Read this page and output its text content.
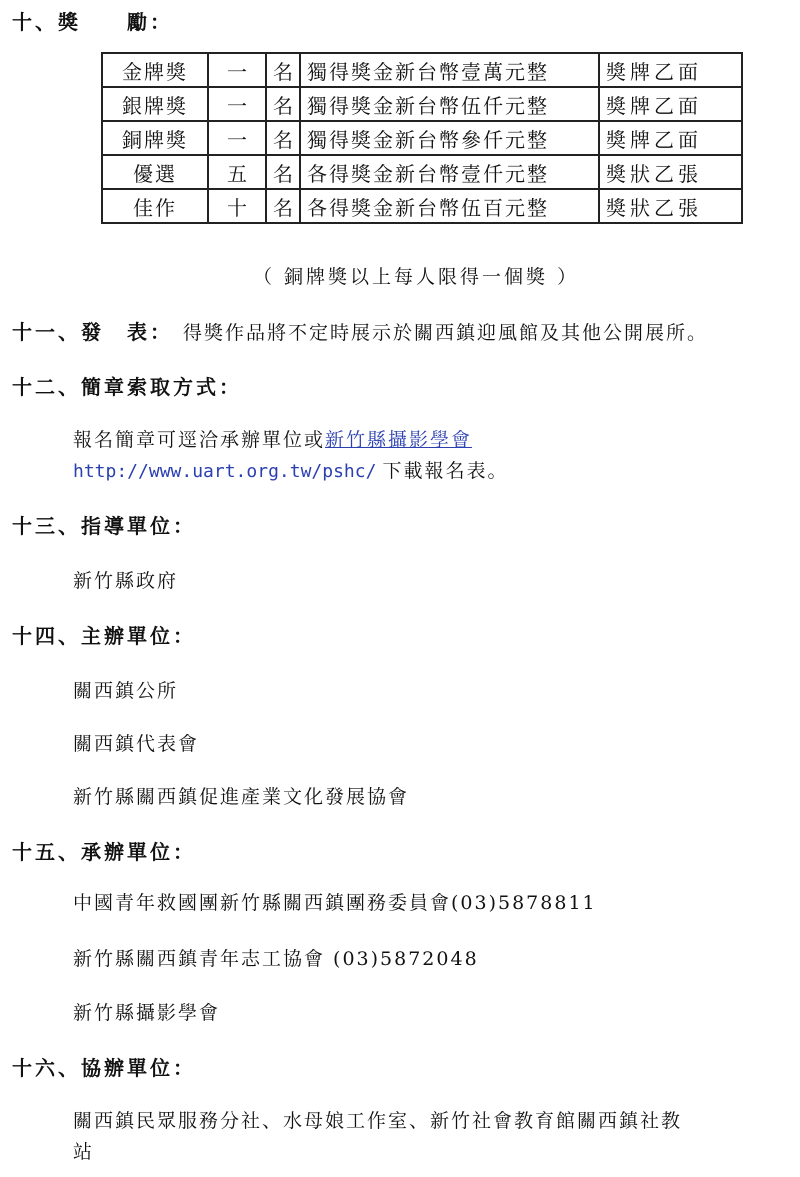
十、獎　　勵：
金牌獎	一	名	獨得獎金新台幣壹萬元整	獎牌乙面
銀牌獎	一	名	獨得獎金新台幣伍仟元整	獎牌乙面
銅牌獎	一	名	獨得獎金新台幣參仟元整	獎牌乙面
優選	五	名	各得獎金新台幣壹仟元整	獎狀乙張
佳作	十	名	各得獎金新台幣伍百元整	獎狀乙張
（ 銅牌獎以上每人限得一個獎 ）
十一、發　表： 得獎作品將不定時展示於關西鎮迎風館及其他公開展所。
十二、簡章索取方式：
報名簡章可逕洽承辦單位或新竹縣攝影學會
http://www.uart.org.tw/pshc/ 下載報名表。
十三、指導單位：
新竹縣政府
十四、主辦單位：
關西鎮公所
關西鎮代表會
新竹縣關西鎮促進產業文化發展協會
十五、承辦單位：
中國青年救國團新竹縣關西鎮團務委員會(03)5878811
新竹縣關西鎮青年志工協會 (03)5872048
新竹縣攝影學會
十六、協辦單位：
關西鎮民眾服務分社、水母娘工作室、新竹社會教育館關西鎮社教
站
